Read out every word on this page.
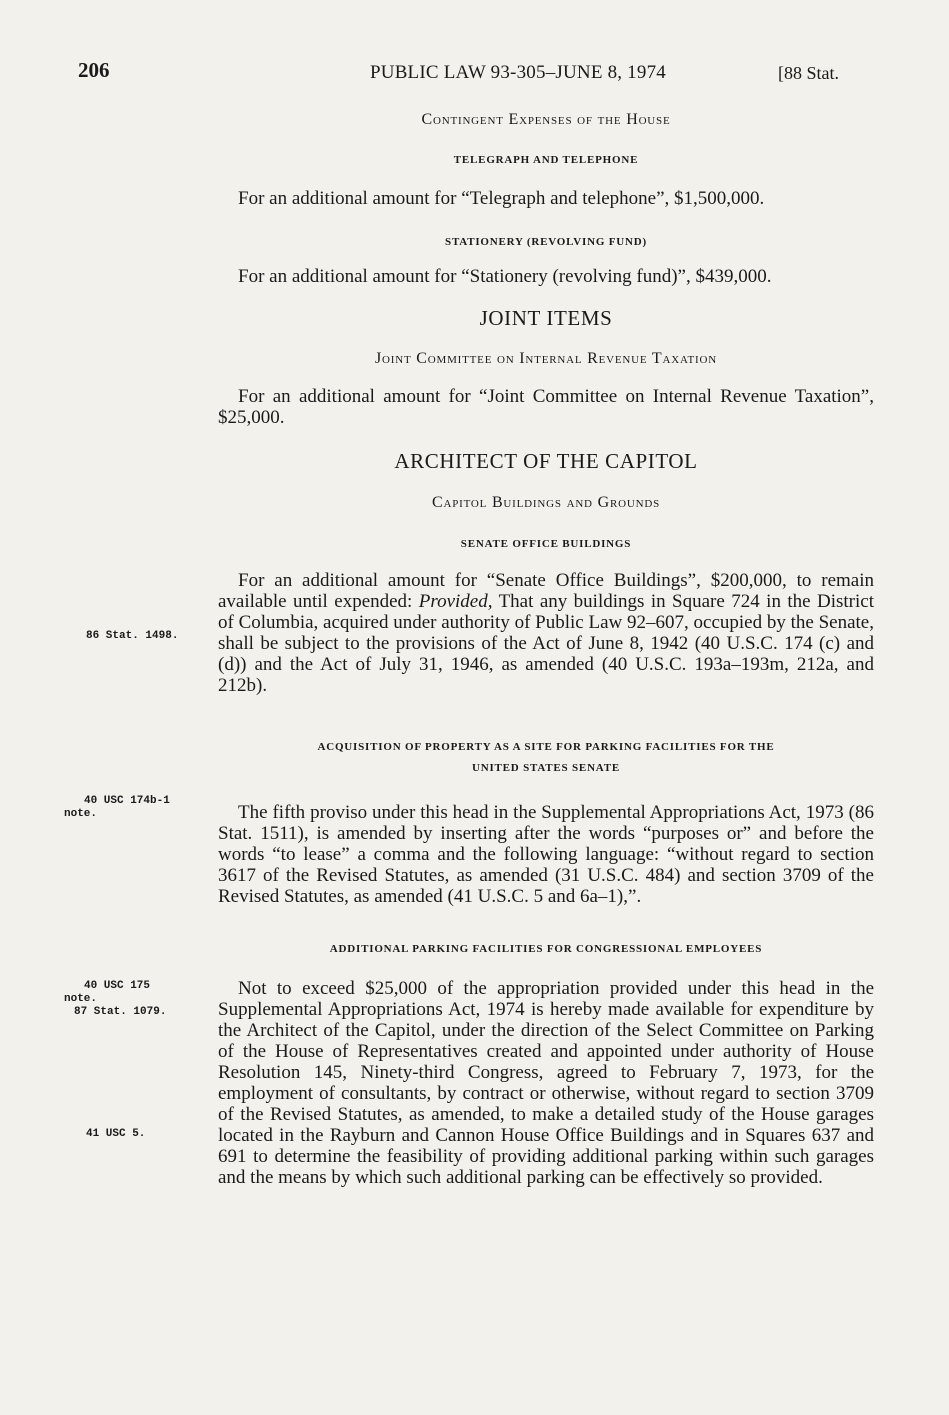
206	PUBLIC LAW 93-305–JUNE 8, 1974	[88 Stat.
Contingent Expenses of the House
TELEGRAPH AND TELEPHONE
For an additional amount for “Telegraph and telephone”, $1,500,000.
STATIONERY (REVOLVING FUND)
For an additional amount for “Stationery (revolving fund)”, $439,000.
JOINT ITEMS
Joint Committee on Internal Revenue Taxation
For an additional amount for “Joint Committee on Internal Revenue Taxation”, $25,000.
ARCHITECT OF THE CAPITOL
Capitol Buildings and Grounds
SENATE OFFICE BUILDINGS
For an additional amount for “Senate Office Buildings”, $200,000, to remain available until expended: Provided, That any buildings in Square 724 in the District of Columbia, acquired under authority of Public Law 92–607, occupied by the Senate, shall be subject to the provisions of the Act of June 8, 1942 (40 U.S.C. 174 (c) and (d)) and the Act of July 31, 1946, as amended (40 U.S.C. 193a–193m, 212a, and 212b).
86 Stat. 1498.
ACQUISITION OF PROPERTY AS A SITE FOR PARKING FACILITIES FOR THE
UNITED STATES SENATE
40 USC 174b-1
note.	The fifth proviso under this head in the Supplemental Appropriations Act, 1973 (86 Stat. 1511), is amended by inserting after the words “purposes or” and before the words “to lease” a comma and the following language: “without regard to section 3617 of the Revised Statutes, as amended (31 U.S.C. 484) and section 3709 of the Revised Statutes, as amended (41 U.S.C. 5 and 6a–1),”.
ADDITIONAL PARKING FACILITIES FOR CONGRESSIONAL EMPLOYEES
40 USC 175
note.
87 Stat. 1079.
Not to exceed $25,000 of the appropriation provided under this head in the Supplemental Appropriations Act, 1974 is hereby made available for expenditure by the Architect of the Capitol, under the direction of the Select Committee on Parking of the House of Representatives created and appointed under authority of House Resolution 145, Ninety-third Congress, agreed to February 7, 1973, for the employment of consultants, by contract or otherwise, without regard to section 3709 of the Revised Statutes, as amended, to make a detailed study of the House garages located in the Rayburn and Cannon House Office Buildings and in Squares 637 and 691 to determine the feasibility of providing additional parking within such garages and the means by which such additional parking can be effectively so provided.
41 USC 5.
